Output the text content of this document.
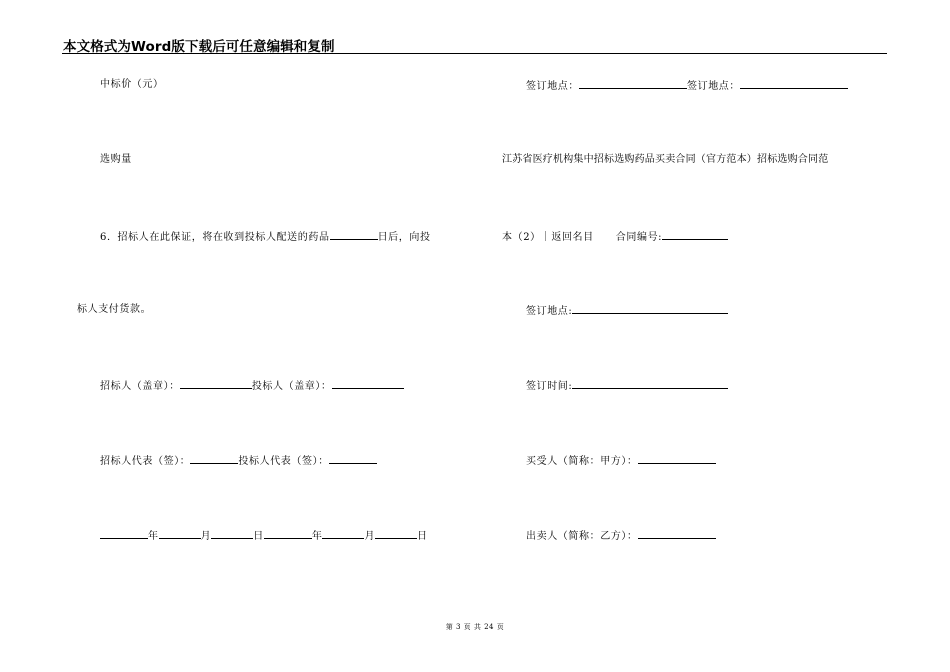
本文格式为Word版下载后可任意编辑和复制
中标价（元）
选购量
6．招标人在此保证，将在收到投标人配送的药品	日后，向投
标人支付货款。
招标人（盖章）：	投标人（盖章）：
招标人代表（签）：	投标人代表（签）：
年	月	日	年	月	日
签订地点：	签订地点：
江苏省医疗机构集中招标选购药品买卖合同（官方范本）招标选购合同范
本（2）｜返回名目 合同编号:
签订地点:
签订时间:
买受人（简称：甲方）：
出卖人（简称：乙方）：
第 3 页 共 24 页
